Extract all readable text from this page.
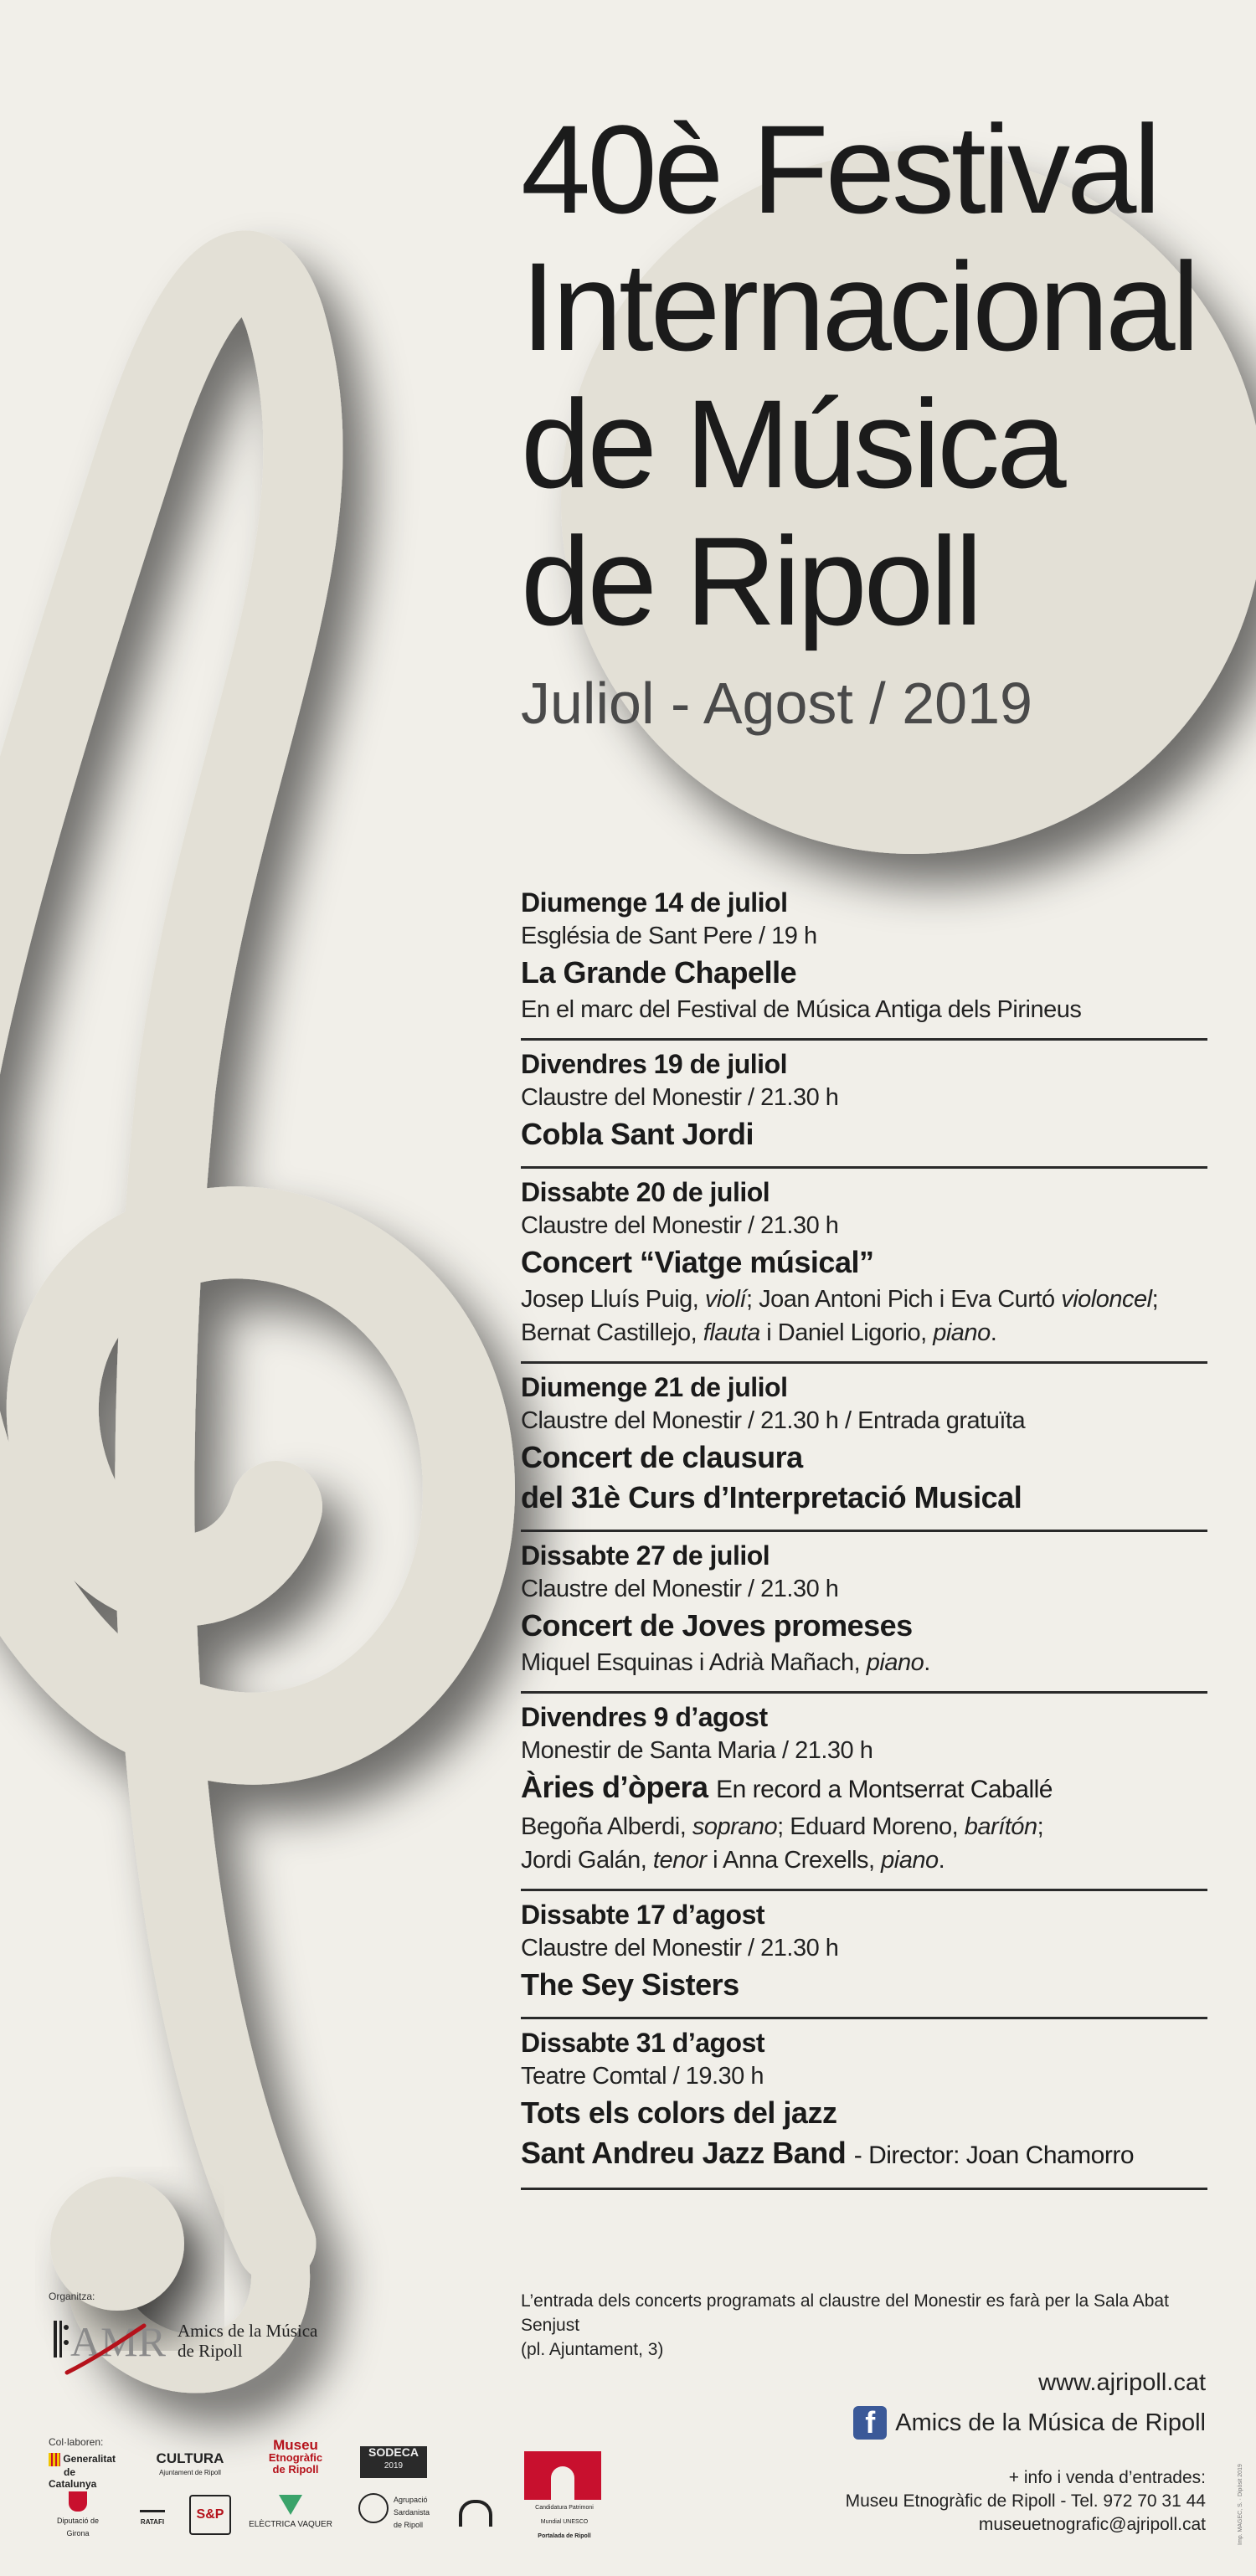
40è Festival
Internacional
de Música
de Ripoll
Juliol - Agost / 2019
Diumenge 14 de juliol
Església de Sant Pere / 19 h
La Grande Chapelle
En el marc del Festival de Música Antiga dels Pirineus
Divendres 19 de juliol
Claustre del Monestir / 21.30 h
Cobla Sant Jordi
Dissabte 20 de juliol
Claustre del Monestir / 21.30 h
Concert “Viatge músical”
Josep Lluís Puig, violí; Joan Antoni Pich i Eva Curtó violoncel;
Bernat Castillejo, flauta i Daniel Ligorio, piano.
Diumenge 21 de juliol
Claustre del Monestir / 21.30 h / Entrada gratuïta
Concert de clausura
del 31è Curs d’Interpretació Musical
Dissabte 27 de juliol
Claustre del Monestir / 21.30 h
Concert de Joves promeses
Miquel Esquinas i Adrià Mañach, piano.
Divendres 9 d’agost
Monestir de Santa Maria / 21.30 h
Àries d’òpera En record a Montserrat Caballé
Begoña Alberdi, soprano; Eduard Moreno, barítón;
Jordi Galán, tenor i Anna Crexells, piano.
Dissabte 17 d’agost
Claustre del Monestir / 21.30 h
The Sey Sisters
Dissabte 31 d’agost
Teatre Comtal / 19.30 h
Tots els colors del jazz
Sant Andreu Jazz Band - Director: Joan Chamorro
L’entrada dels concerts programats al claustre del Monestir es farà per la Sala Abat Senjust
(pl. Ajuntament, 3)
Organitza:
AMR Amics de la Música
de Ripoll
www.ajripoll.cat
f Amics de la Música de Ripoll
+ info i venda d’entrades:
Museu Etnogràfic de Ripoll - Tel. 972 70 31 44
museuetnografic@ajripoll.cat
Col·laboren:
Generalitat
de Catalunya
CULTURA
Ajuntament de Ripoll
Museu
Etnogràfic
de Ripoll
SODECA
2019

Diputació de Girona

RATAFI
S&P

ELÈCTRICA VAQUER
Agrupació
Sardanista
de Ripoll
Candidatura Patrimoni
Mundial UNESCO
Portalada de Ripoll	Imp. MAGEC, S. · Dipòsit 2019
